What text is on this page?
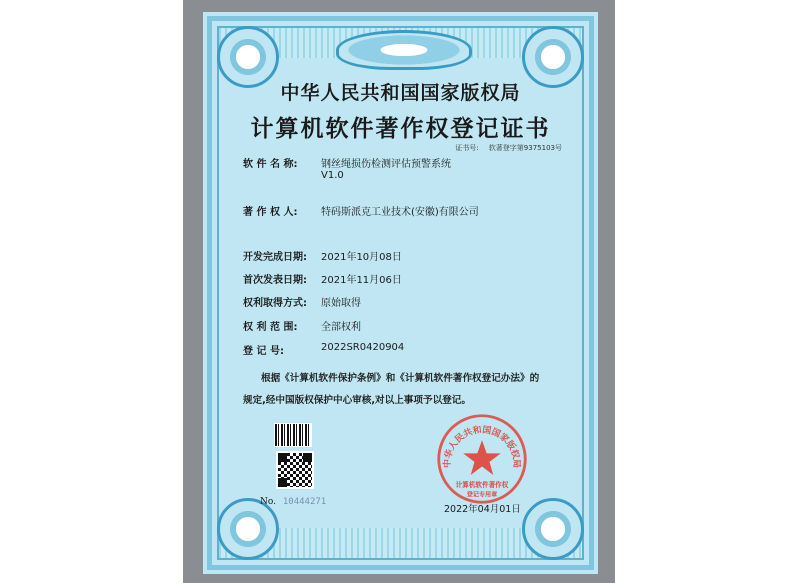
中华人民共和国国家版权局
计算机软件著作权登记证书
证书号: 软著登字第9375103号
软 件 名 称:	钢丝绳损伤检测评估预警系统
V1.0
著 作 权 人:	特码斯派克工业技术(安徽)有限公司
开发完成日期:	2021年10月08日
首次发表日期:	2021年11月06日
权利取得方式:	原始取得
权 利 范 围:	全部权利
登 记 号:	2022SR0420904
根据《计算机软件保护条例》和《计算机软件著作权登记办法》的
规定,经中国版权保护中心审核,对以上事项予以登记。
No. 10444271
中华人民共和国国家版权局
计算机软件著作权
登记专用章
2022年04月01日
